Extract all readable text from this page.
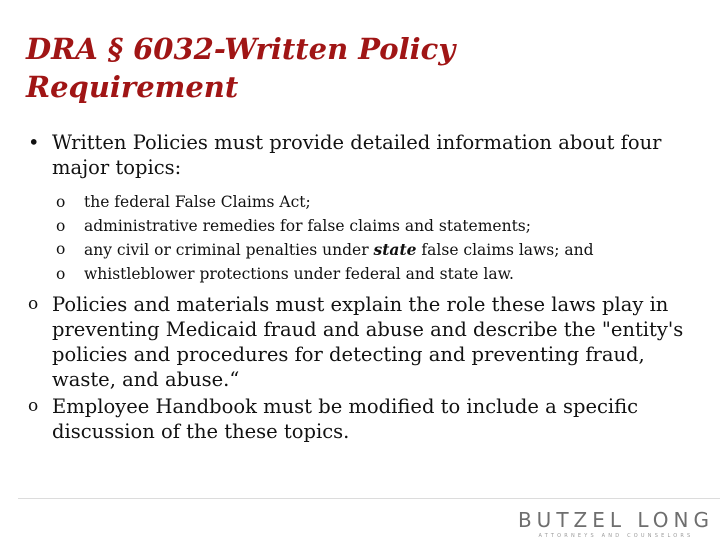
DRA § 6032-Written Policy
Requirement
• Written Policies must provide detailed information about four major topics:
o	the federal False Claims Act;
o	administrative remedies for false claims and statements;
o	any civil or criminal penalties under state false claims laws; and
o	whistleblower protections under federal and state law.
o Policies and materials must explain the role these laws play in preventing Medicaid fraud and abuse and describe the "entity's policies and procedures for detecting and preventing fraud, waste, and abuse.“
o Employee Handbook must be modified to include a specific discussion of the these topics.
BUTZEL LONG
ATTORNEYS AND COUNSELORS
